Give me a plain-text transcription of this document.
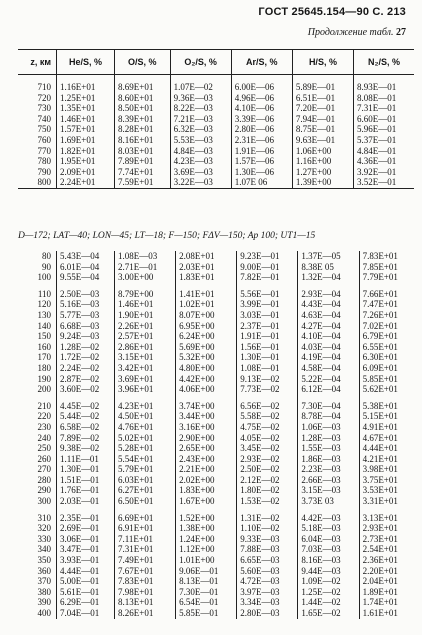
ГОСТ 25645.154—90 С. 213
Продолжение табл. 27
z, км	He/S, %	O/S, %	O₂/S, %	Ar/S, %	H/S, %	N₂/S, %

710	1.16E+01	8.69E+01	1.07E—02	6.00E—06	5.89E—01	8.93E—01
720	1.25E+01	8.60E+01	9.36E—03	4.96E—06	6.51E—01	8.08E—01
730	1.35E+01	8.50E+01	8.22E—03	4.10E—06	7.20E—01	7.31E—01
740	1.46E+01	8.39E+01	7.21E—03	3.39E—06	7.94E—01	6.60E—01
750	1.57E+01	8.28E+01	6.32E—03	2.80E—06	8.75E—01	5.96E—01
760	1.69E+01	8.16E+01	5.53E—03	2.31E—06	9.63E—01	5.37E—01
770	1.82E+01	8.03E+01	4.84E—03	1.91E—06	1.06E+00	4.84E—01
780	1.95E+01	7.89E+01	4.23E—03	1.57E—06	1.16E+00	4.36E—01
790	2.09E+01	7.74E+01	3.69E—03	1.30E—06	1.27E+00	3.92E—01
800	2.24E+01	7.59E+01	3.22E—03	1.07E 06	1.39E+00	3.52E—01
D—172; LAT—40; LON—45; LT—18; F—150; FΔV—150; Ap 100; UT1—15
80	5.43E—04	1.08E—03	2.08E+01	9.23E—01	1.37E—05	7.83E+01
90	6.01E—04	2.71E—01	2.03E+01	9.00E—01	8.38E 05	7.85E+01
100	9.55E—04	3.00E+00	1.83E+01	7.82E—01	1.32E—04	7.79E+01

110	2.50E—03	8.79E+00	1.41E+01	5.56E—01	2.93E—04	7.66E+01
120	5.16E—03	1.46E+01	1.02E+01	3.99E—01	4.43E—04	7.47E+01
130	5.77E—03	1.90E+01	8.07E+00	3.03E—01	4.63E—04	7.26E+01
140	6.68E—03	2.26E+01	6.95E+00	2.37E—01	4.27E—04	7.02E+01
150	9.24E—03	2.57E+01	6.24E+00	1.91E—01	4.10E—04	6.79E+01
160	1.28E—02	2.86E+01	5.69E+00	1.56E—01	4.03E—04	6.55E+01
170	1.72E—02	3.15E+01	5.32E+00	1.30E—01	4.19E—04	6.30E+01
180	2.24E—02	3.42E+01	4.80E+00	1.08E—01	4.58E—04	6.09E+01
190	2.87E—02	3.69E+01	4.42E+00	9.13E—02	5.22E—04	5.85E+01
200	3.60E—02	3.96E+01	4.06E+00	7.73E—02	6.12E—04	5.62E+01

210	4.45E—02	4.23E+01	3.74E+00	6.56E—02	7.30E—04	5.38E+01
220	5.44E—02	4.50E+01	3.44E+00	5.58E—02	8.78E—04	5.15E+01
230	6.58E—02	4.76E+01	3.16E+00	4.75E—02	1.06E—03	4.91E+01
240	7.89E—02	5.02E+01	2.90E+00	4.05E—02	1.28E—03	4.67E+01
250	9.38E—02	5.28E+01	2.65E+00	3.45E—02	1.55E—03	4.44E+01
260	1.11E—01	5.54E+01	2.43E+00	2.93E—02	1.86E—03	4.21E+01
270	1.30E—01	5.79E+01	2.21E+00	2.50E—02	2.23E—03	3.98E+01
280	1.51E—01	6.03E+01	2.02E+00	2.12E—02	2.66E—03	3.75E+01
290	1.76E—01	6.27E+01	1.83E+00	1.80E—02	3.15E—03	3.53E+01
300	2.03E—01	6.50E+01	1.67E+00	1.53E—02	3.73E 03	3.31E+01

310	2.35E—01	6.69E+01	1.52E+00	1.31E—02	4.42E—03	3.13E+01
320	2.69E—01	6.91E+01	1.38E+00	1.10E—02	5.18E—03	2.93E+01
330	3.06E—01	7.11E+01	1.24E+00	9.33E—03	6.04E—03	2.73E+01
340	3.47E—01	7.31E+01	1.12E+00	7.88E—03	7.03E—03	2.54E+01
350	3.93E—01	7.49E+01	1.01E+00	6.65E—03	8.16E—03	2.36E+01
360	4.44E—01	7.67E+01	9.06E—01	5.60E—03	9.44E—03	2.20E+01
370	5.00E—01	7.83E+01	8.13E—01	4.72E—03	1.09E—02	2.04E+01
380	5.61E—01	7.98E+01	7.30E—01	3.97E—03	1.25E—02	1.89E+01
390	6.29E—01	8.13E+01	6.54E—01	3.34E—03	1.44E—02	1.74E+01
400	7.04E—01	8.26E+01	5.85E—01	2.80E—03	1.65E—02	1.61E+01
